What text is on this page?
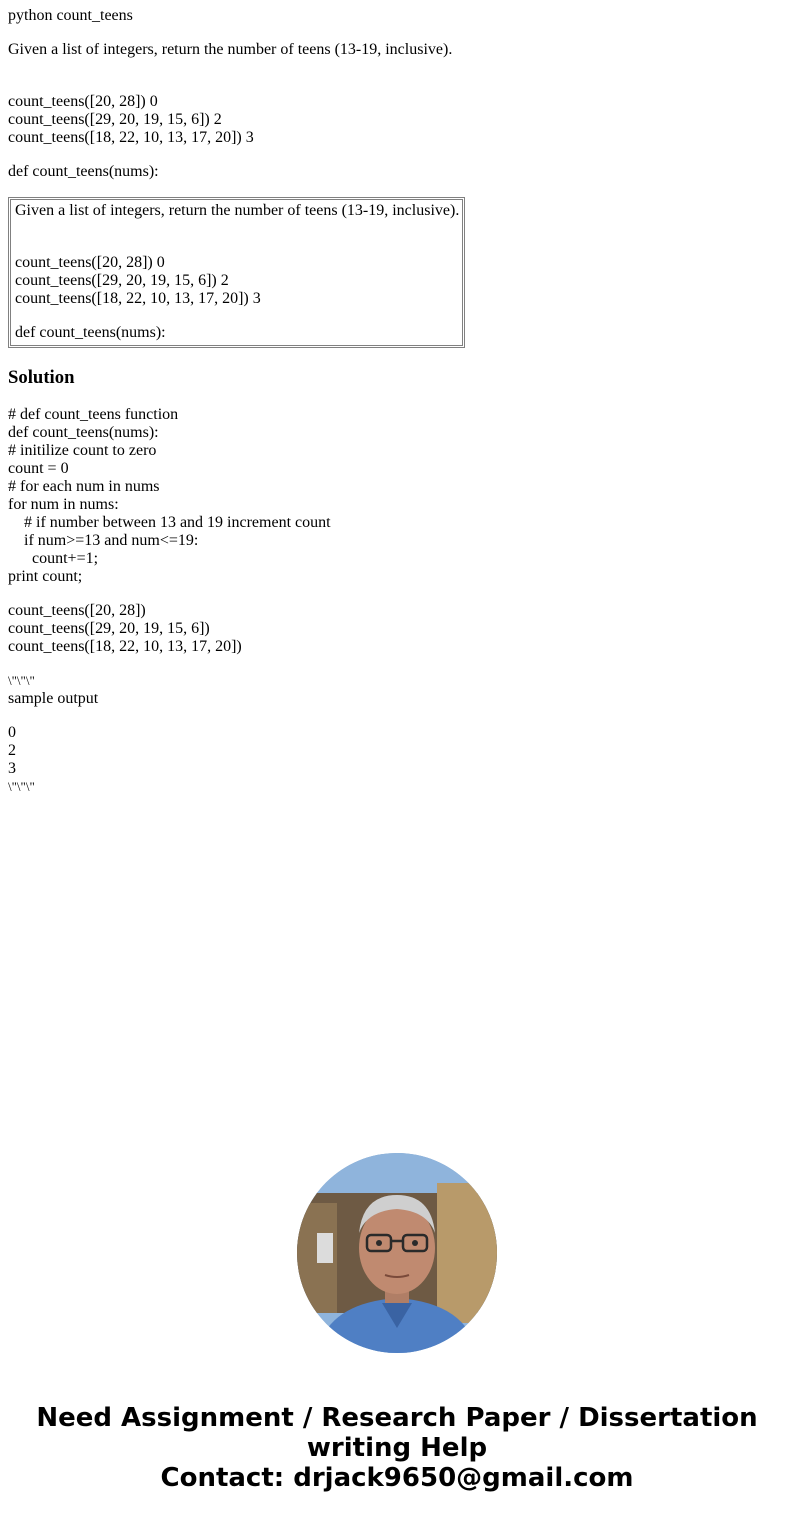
python count_teens
Given a list of integers, return the number of teens (13-19, inclusive).
count_teens([20, 28]) 0
count_teens([29, 20, 19, 15, 6]) 2
count_teens([18, 22, 10, 13, 17, 20]) 3
def count_teens(nums):
Given a list of integers, return the number of teens (13-19, inclusive).
count_teens([20, 28]) 0
count_teens([29, 20, 19, 15, 6]) 2
count_teens([18, 22, 10, 13, 17, 20]) 3
def count_teens(nums):
Solution
# def count_teens function
def count_teens(nums):
# initilize count to zero
count = 0
# for each num in nums
for num in nums:
# if number between 13 and 19 increment count
if num>=13 and num<=19:
count+=1;
print count;
count_teens([20, 28])
count_teens([29, 20, 19, 15, 6])
count_teens([18, 22, 10, 13, 17, 20])
\"\"\"
sample output
0
2
3
\"\"\"
Need Assignment / Research Paper / Dissertation
writing Help
Contact: drjack9650@gmail.com
